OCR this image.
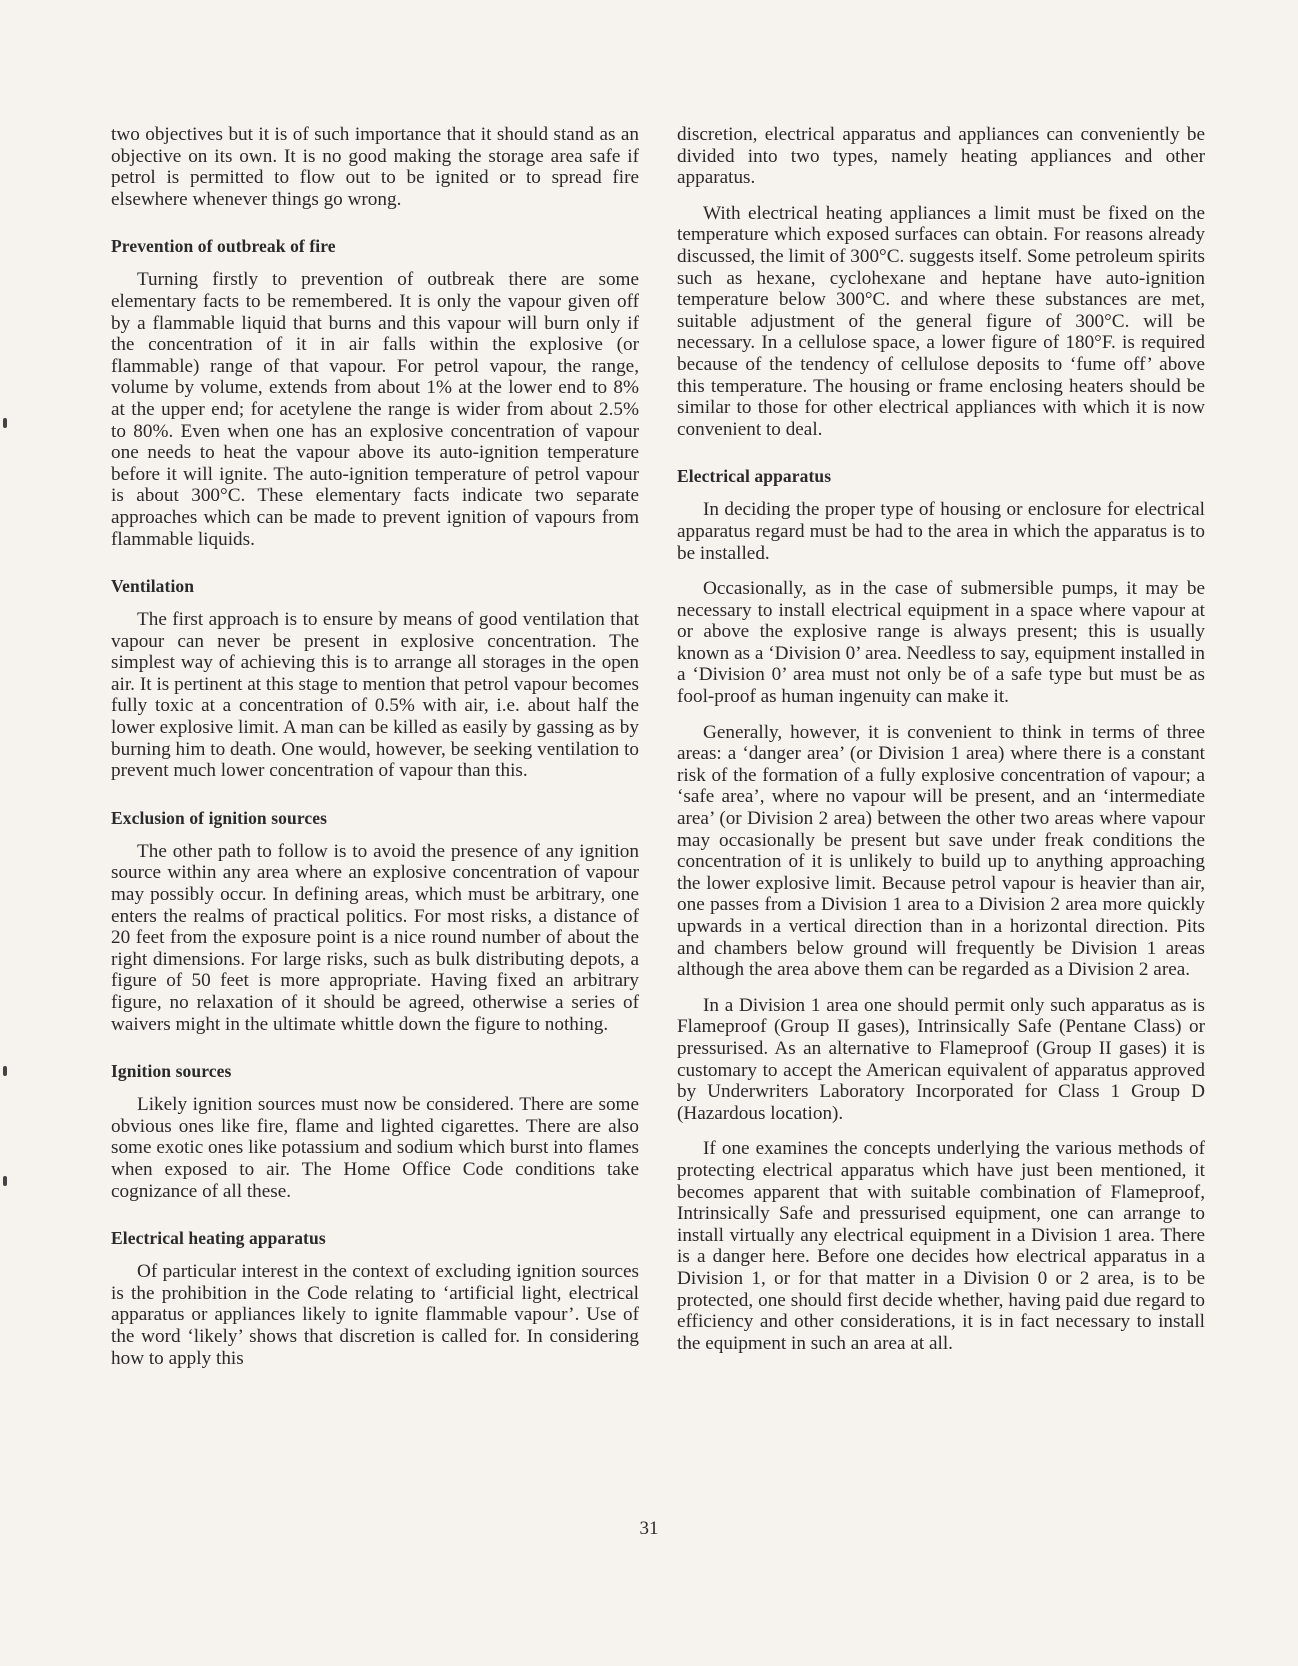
two objectives but it is of such importance that it should stand as an objective on its own. It is no good making the storage area safe if petrol is permitted to flow out to be ignited or to spread fire elsewhere whenever things go wrong.

Prevention of outbreak of fire

Turning firstly to prevention of outbreak there are some elementary facts to be remembered. It is only the vapour given off by a flammable liquid that burns and this vapour will burn only if the concentration of it in air falls within the explosive (or flammable) range of that vapour. For petrol vapour, the range, volume by volume, extends from about 1% at the lower end to 8% at the upper end; for acetylene the range is wider from about 2.5% to 80%. Even when one has an explosive concentration of vapour one needs to heat the vapour above its auto-ignition temperature before it will ignite. The auto-ignition temperature of petrol vapour is about 300°C. These elementary facts indicate two separate approaches which can be made to prevent ignition of vapours from flammable liquids.

Ventilation

The first approach is to ensure by means of good ventilation that vapour can never be present in explosive concentration. The simplest way of achieving this is to arrange all storages in the open air. It is pertinent at this stage to mention that petrol vapour becomes fully toxic at a concentration of 0.5% with air, i.e. about half the lower explosive limit. A man can be killed as easily by gassing as by burning him to death. One would, however, be seeking ventilation to prevent much lower concentration of vapour than this.

Exclusion of ignition sources

The other path to follow is to avoid the presence of any ignition source within any area where an explosive concentration of vapour may possibly occur. In defining areas, which must be arbitrary, one enters the realms of practical politics. For most risks, a distance of 20 feet from the exposure point is a nice round number of about the right dimensions. For large risks, such as bulk distributing depots, a figure of 50 feet is more appropriate. Having fixed an arbitrary figure, no relaxation of it should be agreed, otherwise a series of waivers might in the ultimate whittle down the figure to nothing.

Ignition sources

Likely ignition sources must now be considered. There are some obvious ones like fire, flame and lighted cigarettes. There are also some exotic ones like potassium and sodium which burst into flames when exposed to air. The Home Office Code conditions take cognizance of all these.

Electrical heating apparatus

Of particular interest in the context of excluding ignition sources is the prohibition in the Code relating to ‘artificial light, electrical apparatus or appliances likely to ignite flammable vapour’. Use of the word ‘likely’ shows that discretion is called for. In considering how to apply this

discretion, electrical apparatus and appliances can conveniently be divided into two types, namely heating appliances and other apparatus.

With electrical heating appliances a limit must be fixed on the temperature which exposed surfaces can obtain. For reasons already discussed, the limit of 300°C. suggests itself. Some petroleum spirits such as hexane, cyclohexane and heptane have auto-ignition temperature below 300°C. and where these substances are met, suitable adjustment of the general figure of 300°C. will be necessary. In a cellulose space, a lower figure of 180°F. is required because of the tendency of cellulose deposits to ‘fume off’ above this temperature. The housing or frame enclosing heaters should be similar to those for other electrical appliances with which it is now convenient to deal.

Electrical apparatus

In deciding the proper type of housing or enclosure for electrical apparatus regard must be had to the area in which the apparatus is to be installed.

Occasionally, as in the case of submersible pumps, it may be necessary to install electrical equipment in a space where vapour at or above the explosive range is always present; this is usually known as a ‘Division 0’ area. Needless to say, equipment installed in a ‘Division 0’ area must not only be of a safe type but must be as fool-proof as human ingenuity can make it.

Generally, however, it is convenient to think in terms of three areas: a ‘danger area’ (or Division 1 area) where there is a constant risk of the formation of a fully explosive concentration of vapour; a ‘safe area’, where no vapour will be present, and an ‘intermediate area’ (or Division 2 area) between the other two areas where vapour may occasionally be present but save under freak conditions the concentration of it is unlikely to build up to anything approaching the lower explosive limit. Because petrol vapour is heavier than air, one passes from a Division 1 area to a Division 2 area more quickly upwards in a vertical direction than in a horizontal direction. Pits and chambers below ground will frequently be Division 1 areas although the area above them can be regarded as a Division 2 area.

In a Division 1 area one should permit only such apparatus as is Flameproof (Group II gases), Intrinsically Safe (Pentane Class) or pressurised. As an alternative to Flameproof (Group II gases) it is customary to accept the American equivalent of apparatus approved by Underwriters Laboratory Incorporated for Class 1 Group D (Hazardous location).

If one examines the concepts underlying the various methods of protecting electrical apparatus which have just been mentioned, it becomes apparent that with suitable combination of Flameproof, Intrinsically Safe and pressurised equipment, one can arrange to install virtually any electrical equipment in a Division 1 area. There is a danger here. Before one decides how electrical apparatus in a Division 1, or for that matter in a Division 0 or 2 area, is to be protected, one should first decide whether, having paid due regard to efficiency and other considerations, it is in fact necessary to install the equipment in such an area at all.

31
